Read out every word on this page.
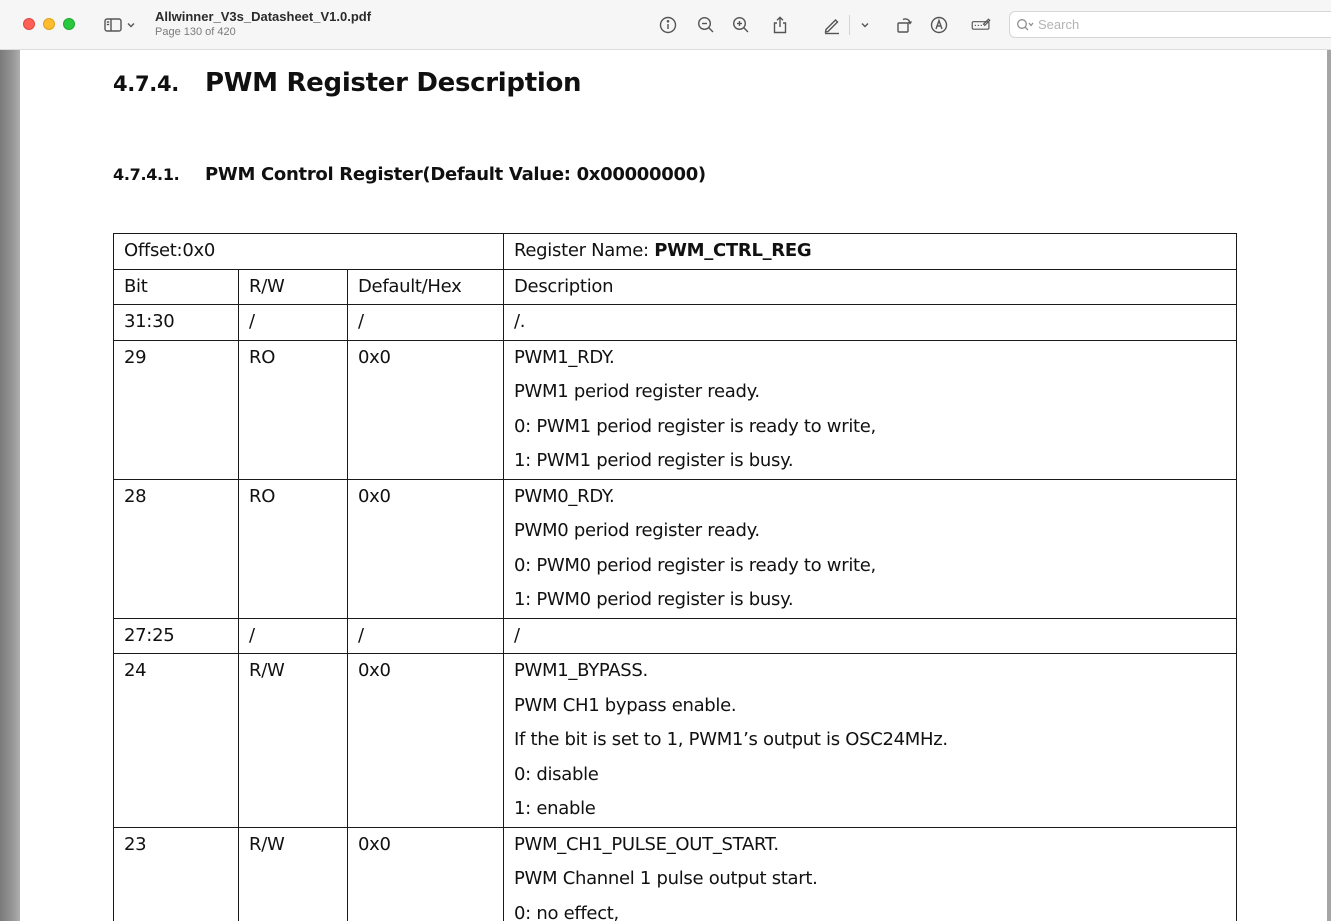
Allwinner_V3s_Datasheet_V1.0.pdf
Page 130 of 420
Search
4.7.4. PWM Register Description
4.7.4.1. PWM Control Register(Default Value: 0x00000000)
Offset:0x0			Register Name: PWM_CTRL_REG
Bit	R/W	Default/Hex	Description
31:30	/	/	/.

29	RO	0x0	PWM1_RDY.
PWM1 period register ready.
0: PWM1 period register is ready to write,
1: PWM1 period register is busy.

28	RO	0x0	PWM0_RDY.
PWM0 period register ready.
0: PWM0 period register is ready to write,
1: PWM0 period register is busy.

27:25	/	/	/

24	R/W	0x0	PWM1_BYPASS.
PWM CH1 bypass enable.
If the bit is set to 1, PWM1’s output is OSC24MHz.
0: disable
1: enable

23	R/W	0x0	PWM_CH1_PULSE_OUT_START.
PWM Channel 1 pulse output start.
0: no effect,
